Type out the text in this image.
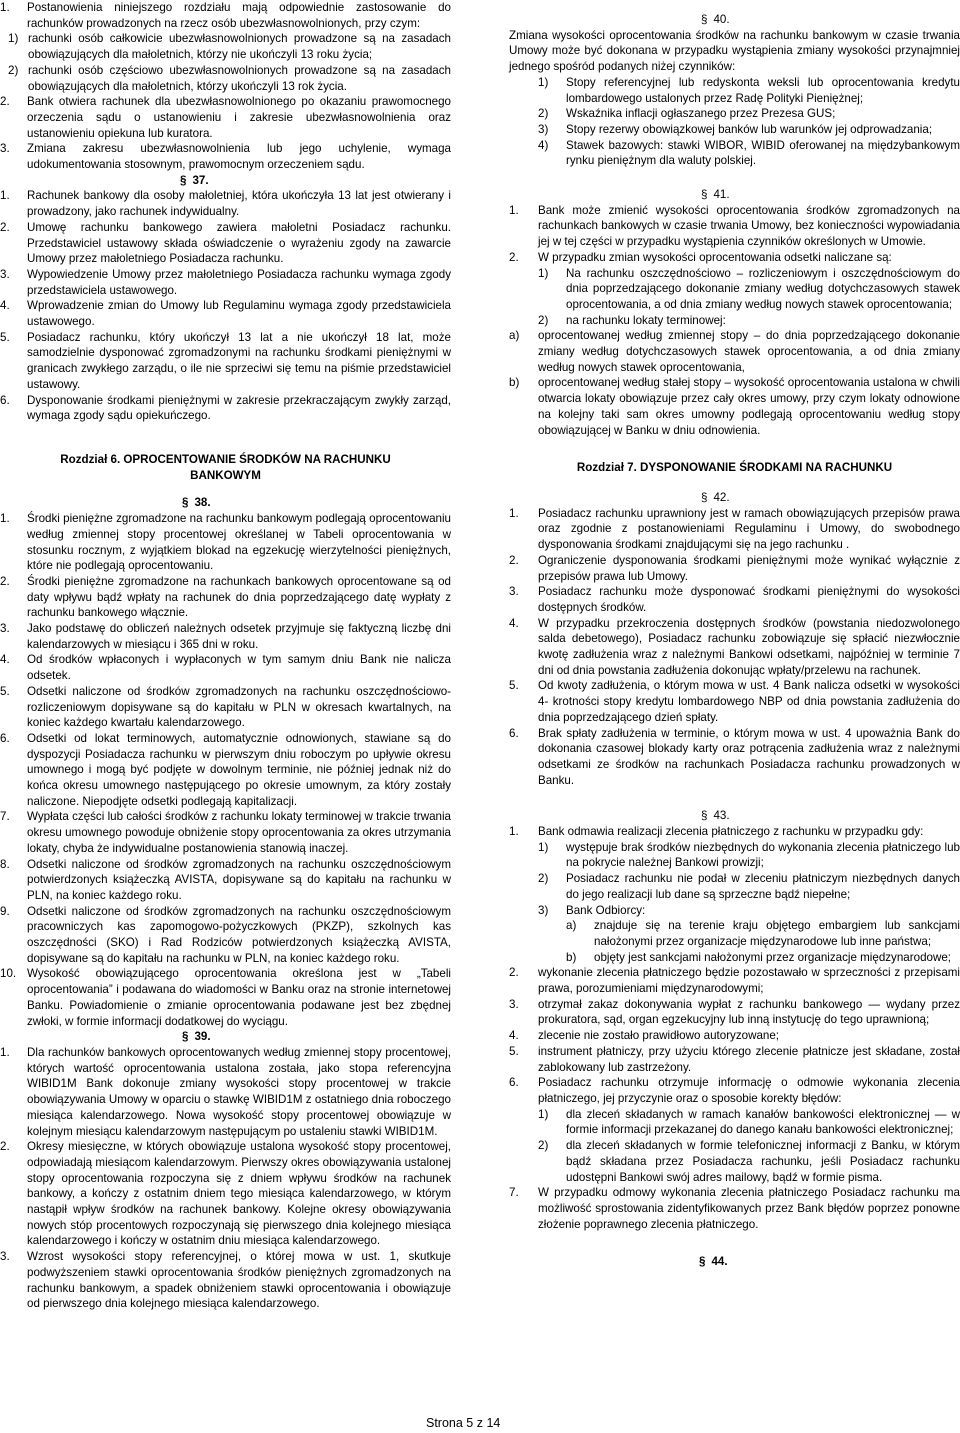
1.	Postanowienia niniejszego rozdziału mają odpowiednie zastosowanie do rachunków prowadzonych na rzecz osób ubezwłasnowolnionych, przy czym:
1) rachunki osób całkowicie ubezwłasnowolnionych prowadzone są na zasadach obowiązujących dla małoletnich, którzy nie ukończyli 13 roku życia;
2) rachunki osób częściowo ubezwłasnowolnionych prowadzone są na zasadach obowiązujących dla małoletnich, którzy ukończyli 13 rok życia.
2.	Bank otwiera rachunek dla ubezwłasnowolnionego po okazaniu prawomocnego orzeczenia sądu o ustanowieniu i zakresie ubezwłasnowolnienia oraz ustanowieniu opiekuna lub kuratora.
3.	Zmiana zakresu ubezwłasnowolnienia lub jego uchylenie, wymaga udokumentowania stosownym, prawomocnym orzeczeniem sądu.
§ 37.
1.	Rachunek bankowy dla osoby małoletniej, która ukończyła 13 lat jest otwierany i prowadzony, jako rachunek indywidualny.
2.	Umowę rachunku bankowego zawiera małoletni Posiadacz rachunku. Przedstawiciel ustawowy składa oświadczenie o wyrażeniu zgody na zawarcie Umowy przez małoletniego Posiadacza rachunku.
3.	Wypowiedzenie Umowy przez małoletniego Posiadacza rachunku wymaga zgody przedstawiciela ustawowego.
4.	Wprowadzenie zmian do Umowy lub Regulaminu wymaga zgody przedstawiciela ustawowego.
5.	Posiadacz rachunku, który ukończył 13 lat a nie ukończył 18 lat, może samodzielnie dysponować zgromadzonymi na rachunku środkami pieniężnymi w granicach zwykłego zarządu, o ile nie sprzeciwi się temu na piśmie przedstawiciel ustawowy.
6.	Dysponowanie środkami pieniężnymi w zakresie przekraczającym zwykły zarząd, wymaga zgody sądu opiekuńczego.
Rozdział 6. OPROCENTOWANIE ŚRODKÓW NA RACHUNKU
BANKOWYM
§ 38.
1.	Środki pieniężne zgromadzone na rachunku bankowym podlegają oprocentowaniu według zmiennej stopy procentowej określanej w Tabeli oprocentowania w stosunku rocznym, z wyjątkiem blokad na egzekucję wierzytelności pieniężnych, które nie podlegają oprocentowaniu.
2.	Środki pieniężne zgromadzone na rachunkach bankowych oprocentowane są od daty wpływu bądź wpłaty na rachunek do dnia poprzedzającego datę wypłaty z rachunku bankowego włącznie.
3.	Jako podstawę do obliczeń należnych odsetek przyjmuje się faktyczną liczbę dni kalendarzowych w miesiącu i 365 dni w roku.
4.	Od środków wpłaconych i wypłaconych w tym samym dniu Bank nie nalicza odsetek.
5.	Odsetki naliczone od środków zgromadzonych na rachunku oszczędnościowo- rozliczeniowym dopisywane są do kapitału w PLN w okresach kwartalnych, na koniec każdego kwartału kalendarzowego.
6.	Odsetki od lokat terminowych, automatycznie odnowionych, stawiane są do dyspozycji Posiadacza rachunku w pierwszym dniu roboczym po upływie okresu umownego i mogą być podjęte w dowolnym terminie, nie później jednak niż do końca okresu umownego następującego po okresie umownym, za który zostały naliczone. Niepodjęte odsetki podlegają kapitalizacji.
7.	Wypłata części lub całości środków z rachunku lokaty terminowej w trakcie trwania okresu umownego powoduje obniżenie stopy oprocentowania za okres utrzymania lokaty, chyba że indywidualne postanowienia stanowią inaczej.
8.	Odsetki naliczone od środków zgromadzonych na rachunku oszczędnościowym potwierdzonych książeczką AVISTA, dopisywane są do kapitału na rachunku w PLN, na koniec każdego roku.
9.	Odsetki naliczone od środków zgromadzonych na rachunku oszczędnościowym pracowniczych kas zapomogowo-pożyczkowych (PKZP), szkolnych kas oszczędności (SKO) i Rad Rodziców potwierdzonych książeczką AVISTA, dopisywane są do kapitału na rachunku w PLN, na koniec każdego roku.
10. Wysokość obowiązującego oprocentowania określona jest w „Tabeli oprocentowania” i podawana do wiadomości w Banku oraz na stronie internetowej Banku. Powiadomienie o zmianie oprocentowania podawane jest bez zbędnej zwłoki, w formie informacji dodatkowej do wyciągu.
§ 39.
1.	Dla rachunków bankowych oprocentowanych według zmiennej stopy procentowej, których wartość oprocentowania ustalona została, jako stopa referencyjna WIBID1M Bank dokonuje zmiany wysokości stopy procentowej w trakcie obowiązywania Umowy w oparciu o stawkę WIBID1M z ostatniego dnia roboczego miesiąca kalendarzowego. Nowa wysokość stopy procentowej obowiązuje w kolejnym miesiącu kalendarzowym następującym po ustaleniu stawki WIBID1M.
2.	Okresy miesięczne, w których obowiązuje ustalona wysokość stopy procentowej, odpowiadają miesiącom kalendarzowym. Pierwszy okres obowiązywania ustalonej stopy oprocentowania rozpoczyna się z dniem wpływu środków na rachunek bankowy, a kończy z ostatnim dniem tego miesiąca kalendarzowego, w którym nastąpił wpływ środków na rachunek bankowy. Kolejne okresy obowiązywania nowych stóp procentowych rozpoczynają się pierwszego dnia kolejnego miesiąca kalendarzowego i kończy w ostatnim dniu miesiąca kalendarzowego.
3.	Wzrost wysokości stopy referencyjnej, o której mowa w ust. 1, skutkuje podwyższeniem stawki oprocentowania środków pieniężnych zgromadzonych na rachunku bankowym, a spadek obniżeniem stawki oprocentowania i obowiązuje od pierwszego dnia kolejnego miesiąca kalendarzowego.
§ 40.
Zmiana wysokości oprocentowania środków na rachunku bankowym w czasie trwania Umowy może być dokonana w przypadku wystąpienia zmiany wysokości przynajmniej jednego spośród podanych niżej czynników:
1)	Stopy referencyjnej lub redyskonta weksli lub oprocentowania kredytu lombardowego ustalonych przez Radę Polityki Pieniężnej;
2)	Wskaźnika inflacji ogłaszanego przez Prezesa GUS;
3)	Stopy rezerwy obowiązkowej banków lub warunków jej odprowadzania;
4)	Stawek bazowych: stawki WIBOR, WIBID oferowanej na międzybankowym rynku pieniężnym dla waluty polskiej.
§ 41.
1.	Bank może zmienić wysokości oprocentowania środków zgromadzonych na rachunkach bankowych w czasie trwania Umowy, bez konieczności wypowiadania jej w tej części w przypadku wystąpienia czynników określonych w Umowie.
2.	W przypadku zmian wysokości oprocentowania odsetki naliczane są:
1)	Na rachunku oszczędnościowo – rozliczeniowym i oszczędnościowym do dnia poprzedzającego dokonanie zmiany według dotychczasowych stawek oprocentowania, a od dnia zmiany według nowych stawek oprocentowania;
2)	na rachunku lokaty terminowej:
a)	oprocentowanej według zmiennej stopy – do dnia poprzedzającego dokonanie zmiany według dotychczasowych stawek oprocentowania, a od dnia zmiany według nowych stawek oprocentowania,
b)	oprocentowanej według stałej stopy – wysokość oprocentowania ustalona w chwili otwarcia lokaty obowiązuje przez cały okres umowy, przy czym lokaty odnowione na kolejny taki sam okres umowny podlegają oprocentowaniu według stopy obowiązującej w Banku w dniu odnowienia.
Rozdział 7. DYSPONOWANIE ŚRODKAMI NA RACHUNKU
§ 42.
1.	Posiadacz rachunku uprawniony jest w ramach obowiązujących przepisów prawa oraz zgodnie z postanowieniami Regulaminu i Umowy, do swobodnego dysponowania środkami znajdującymi się na jego rachunku .
2.	Ograniczenie dysponowania środkami pieniężnymi może wynikać wyłącznie z przepisów prawa lub Umowy.
3.	Posiadacz rachunku może dysponować środkami pieniężnymi do wysokości dostępnych środków.
4.	W przypadku przekroczenia dostępnych środków (powstania niedozwolonego salda debetowego), Posiadacz rachunku zobowiązuje się spłacić niezwłocznie kwotę zadłużenia wraz z należnymi Bankowi odsetkami, najpóźniej w terminie 7 dni od dnia powstania zadłużenia dokonując wpłaty/przelewu na rachunek.
5.	Od kwoty zadłużenia, o którym mowa w ust. 4 Bank nalicza odsetki w wysokości 4- krotności stopy kredytu lombardowego NBP od dnia powstania zadłużenia do dnia poprzedzającego dzień spłaty.
6.	Brak spłaty zadłużenia w terminie, o którym mowa w ust. 4 upoważnia Bank do dokonania czasowej blokady karty oraz potrącenia zadłużenia wraz z należnymi odsetkami ze środków na rachunkach Posiadacza rachunku prowadzonych w Banku.
§ 43.
1.	Bank odmawia realizacji zlecenia płatniczego z rachunku w przypadku gdy:
1)	występuje brak środków niezbędnych do wykonania zlecenia płatniczego lub na pokrycie należnej Bankowi prowizji;
2)	Posiadacz rachunku nie podał w zleceniu płatniczym niezbędnych danych do jego realizacji lub dane są sprzeczne bądź niepełne;
3)	Bank Odbiorcy:
a)	znajduje się na terenie kraju objętego embargiem lub sankcjami nałożonymi przez organizacje międzynarodowe lub inne państwa;
b)	objęty jest sankcjami nałożonymi przez organizacje międzynarodowe;
2.	wykonanie zlecenia płatniczego będzie pozostawało w sprzeczności z przepisami prawa, porozumieniami międzynarodowymi;
3.	otrzymał zakaz dokonywania wypłat z rachunku bankowego — wydany przez prokuratora, sąd, organ egzekucyjny lub inną instytucję do tego uprawnioną;
4.	zlecenie nie zostało prawidłowo autoryzowane;
5.	instrument płatniczy, przy użyciu którego zlecenie płatnicze jest składane, został zablokowany lub zastrzeżony.
6.	Posiadacz rachunku otrzymuje informację o odmowie wykonania zlecenia płatniczego, jej przyczynie oraz o sposobie korekty błędów:
1)	dla zleceń składanych w ramach kanałów bankowości elektronicznej — w formie informacji przekazanej do danego kanału bankowości elektronicznej;
2)	dla zleceń składanych w formie telefonicznej informacji z Banku, w którym bądź składana przez Posiadacza rachunku, jeśli Posiadacz rachunku udostępni Bankowi swój adres mailowy, bądź w formie pisma.
7.	W przypadku odmowy wykonania zlecenia płatniczego Posiadacz rachunku ma możliwość sprostowania zidentyfikowanych przez Bank błędów poprzez ponowne złożenie poprawnego zlecenia płatniczego.
§ 44.
Strona 5 z 14
